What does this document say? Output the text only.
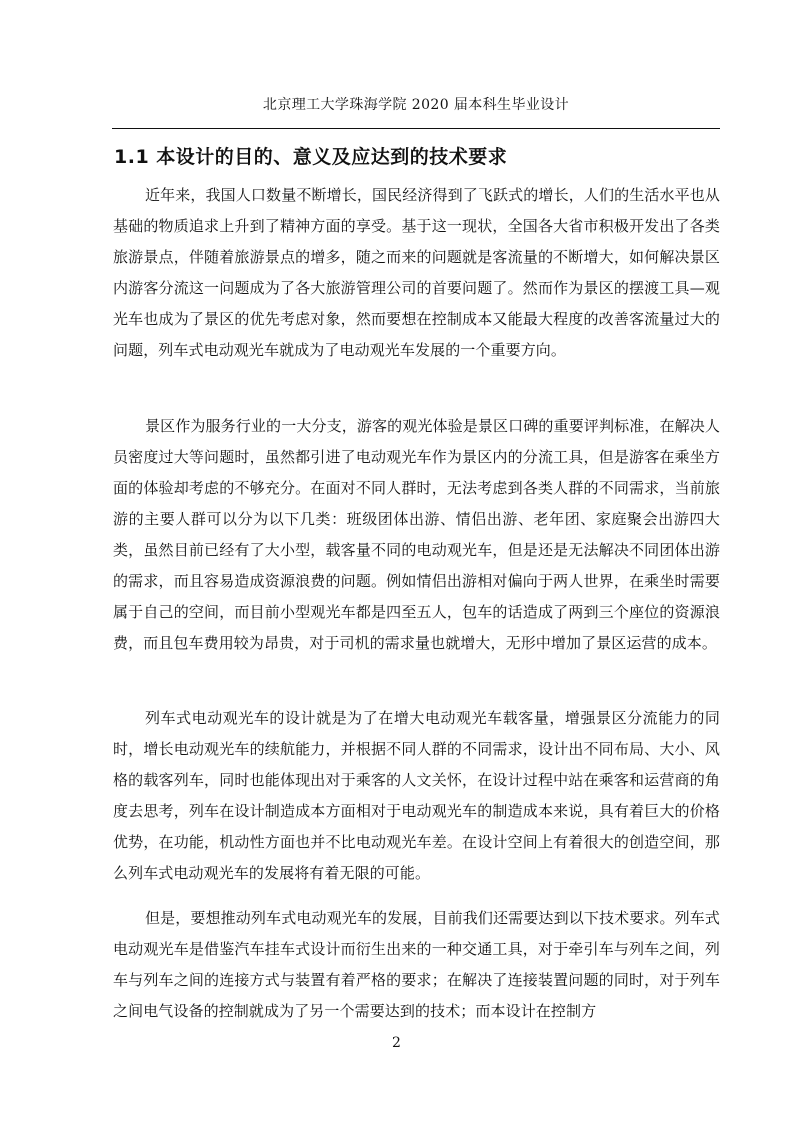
北京理工大学珠海学院 2020 届本科生毕业设计
1.1 本设计的目的、意义及应达到的技术要求

近年来，我国人口数量不断增长，国民经济得到了飞跃式的增长，人们的生活水平也从基础的物质追求上升到了精神方面的享受。基于这一现状，全国各大省市积极开发出了各类旅游景点，伴随着旅游景点的增多，随之而来的问题就是客流量的不断增大，如何解决景区内游客分流这一问题成为了各大旅游管理公司的首要问题了。然而作为景区的摆渡工具—观光车也成为了景区的优先考虑对象，然而要想在控制成本又能最大程度的改善客流量过大的问题，列车式电动观光车就成为了电动观光车发展的一个重要方向。

景区作为服务行业的一大分支，游客的观光体验是景区口碑的重要评判标准，在解决人员密度过大等问题时，虽然都引进了电动观光车作为景区内的分流工具，但是游客在乘坐方面的体验却考虑的不够充分。在面对不同人群时，无法考虑到各类人群的不同需求，当前旅游的主要人群可以分为以下几类：班级团体出游、情侣出游、老年团、家庭聚会出游四大类，虽然目前已经有了大小型，载客量不同的电动观光车，但是还是无法解决不同团体出游的需求，而且容易造成资源浪费的问题。例如情侣出游相对偏向于两人世界，在乘坐时需要属于自己的空间，而目前小型观光车都是四至五人，包车的话造成了两到三个座位的资源浪费，而且包车费用较为昂贵，对于司机的需求量也就增大，无形中增加了景区运营的成本。

列车式电动观光车的设计就是为了在增大电动观光车载客量，增强景区分流能力的同时，增长电动观光车的续航能力，并根据不同人群的不同需求，设计出不同布局、大小、风格的载客列车，同时也能体现出对于乘客的人文关怀，在设计过程中站在乘客和运营商的角度去思考，列车在设计制造成本方面相对于电动观光车的制造成本来说，具有着巨大的价格优势，在功能，机动性方面也并不比电动观光车差。在设计空间上有着很大的创造空间，那么列车式电动观光车的发展将有着无限的可能。

但是，要想推动列车式电动观光车的发展，目前我们还需要达到以下技术要求。列车式电动观光车是借鉴汽车挂车式设计而衍生出来的一种交通工具，对于牵引车与列车之间，列车与列车之间的连接方式与装置有着严格的要求；在解决了连接装置问题的同时，对于列车之间电气设备的控制就成为了另一个需要达到的技术；而本设计在控制方

2
